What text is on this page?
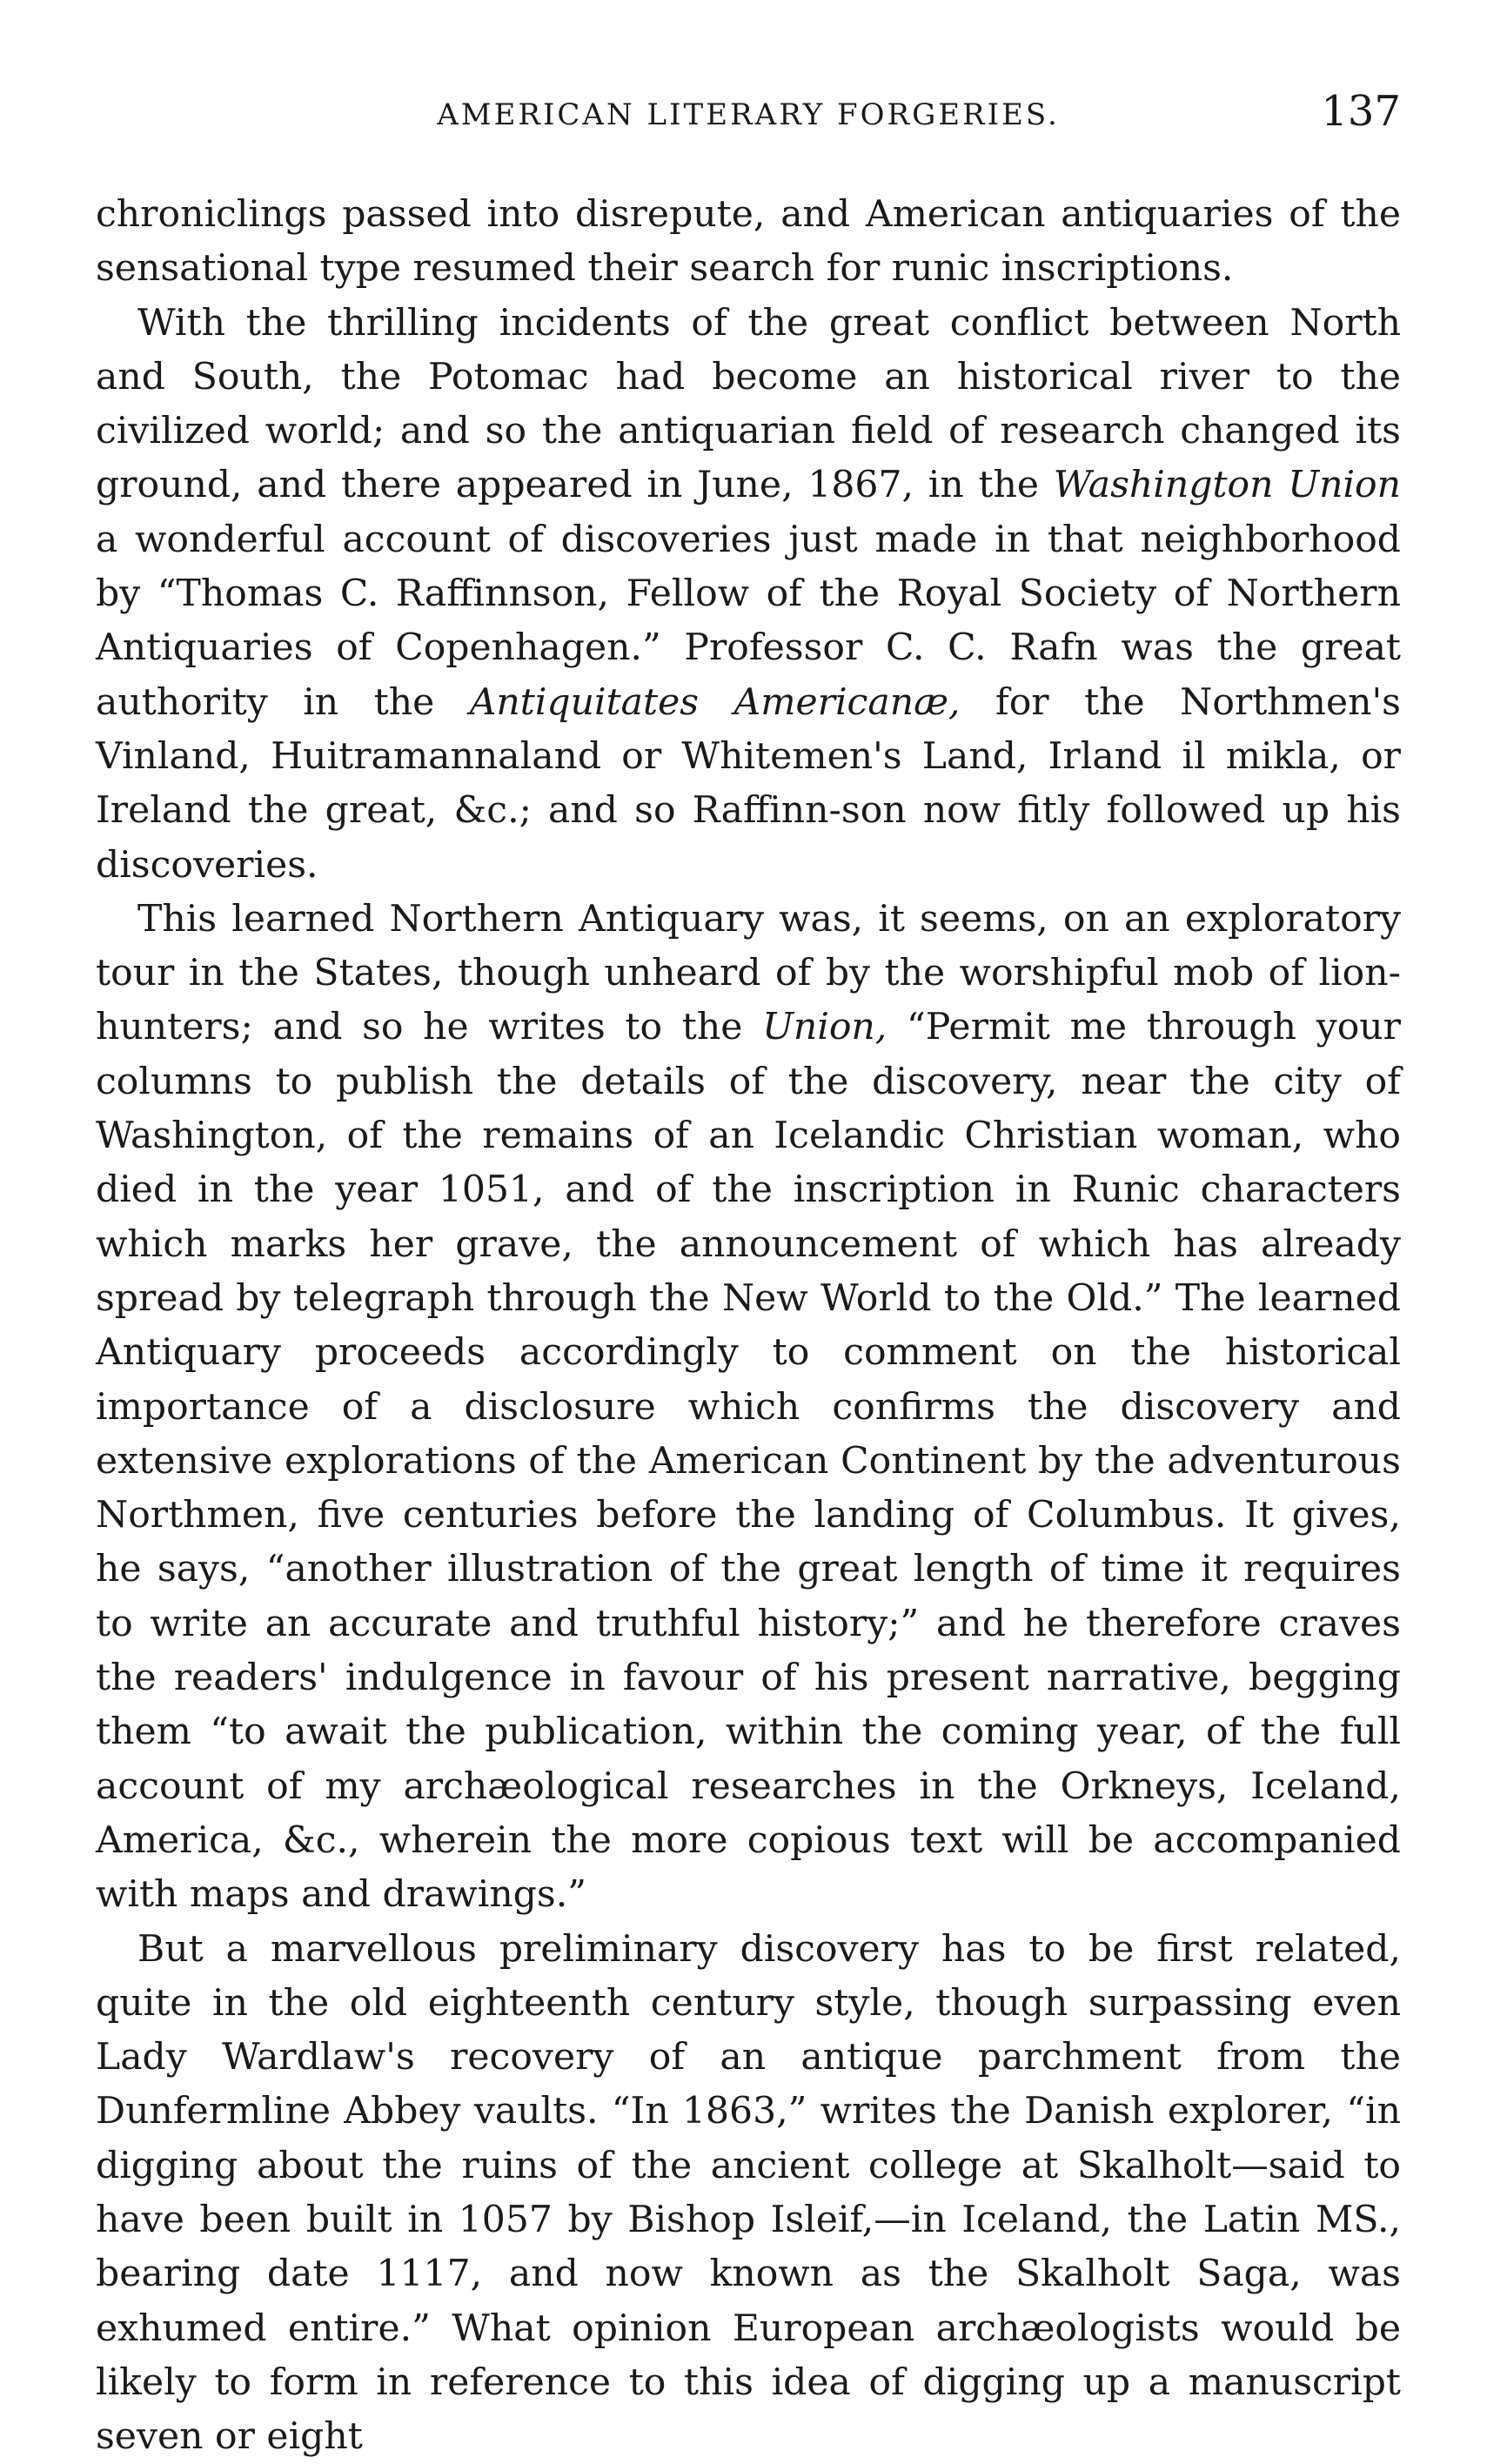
AMERICAN LITERARY FORGERIES.	137

chroniclings passed into disrepute, and American antiquaries of the sensational type resumed their search for runic inscriptions.

With the thrilling incidents of the great conflict between North and South, the Potomac had become an historical river to the civilized world; and so the antiquarian field of research changed its ground, and there appeared in June, 1867, in the Washington Union a wonderful account of discoveries just made in that neighborhood by “Thomas C. Raffinnson, Fellow of the Royal Society of Northern Antiquaries of Copenhagen.” Professor C. C. Rafn was the great authority in the Antiquitates Americanæ, for the Northmen's Vinland, Huitramannaland or Whitemen's Land, Irland il mikla, or Ireland the great, &c.; and so Raffinn-son now fitly followed up his discoveries.

This learned Northern Antiquary was, it seems, on an exploratory tour in the States, though unheard of by the worshipful mob of lion-hunters; and so he writes to the Union, “Permit me through your columns to publish the details of the discovery, near the city of Washington, of the remains of an Icelandic Christian woman, who died in the year 1051, and of the inscription in Runic characters which marks her grave, the announcement of which has already spread by telegraph through the New World to the Old.” The learned Antiquary proceeds accordingly to comment on the historical importance of a disclosure which confirms the discovery and extensive explorations of the American Continent by the adventurous Northmen, five centuries before the landing of Columbus. It gives, he says, “another illustration of the great length of time it requires to write an accurate and truthful history;” and he therefore craves the readers' indulgence in favour of his present narrative, begging them “to await the publication, within the coming year, of the full account of my archæological researches in the Orkneys, Iceland, America, &c., wherein the more copious text will be accompanied with maps and drawings.”

But a marvellous preliminary discovery has to be first related, quite in the old eighteenth century style, though surpassing even Lady Wardlaw's recovery of an antique parchment from the Dunfermline Abbey vaults. “In 1863,” writes the Danish explorer, “in digging about the ruins of the ancient college at Skalholt—said to have been built in 1057 by Bishop Isleif,—in Iceland, the Latin MS., bearing date 1117, and now known as the Skalholt Saga, was exhumed entire.” What opinion European archæologists would be likely to form in reference to this idea of digging up a manuscript seven or eight
